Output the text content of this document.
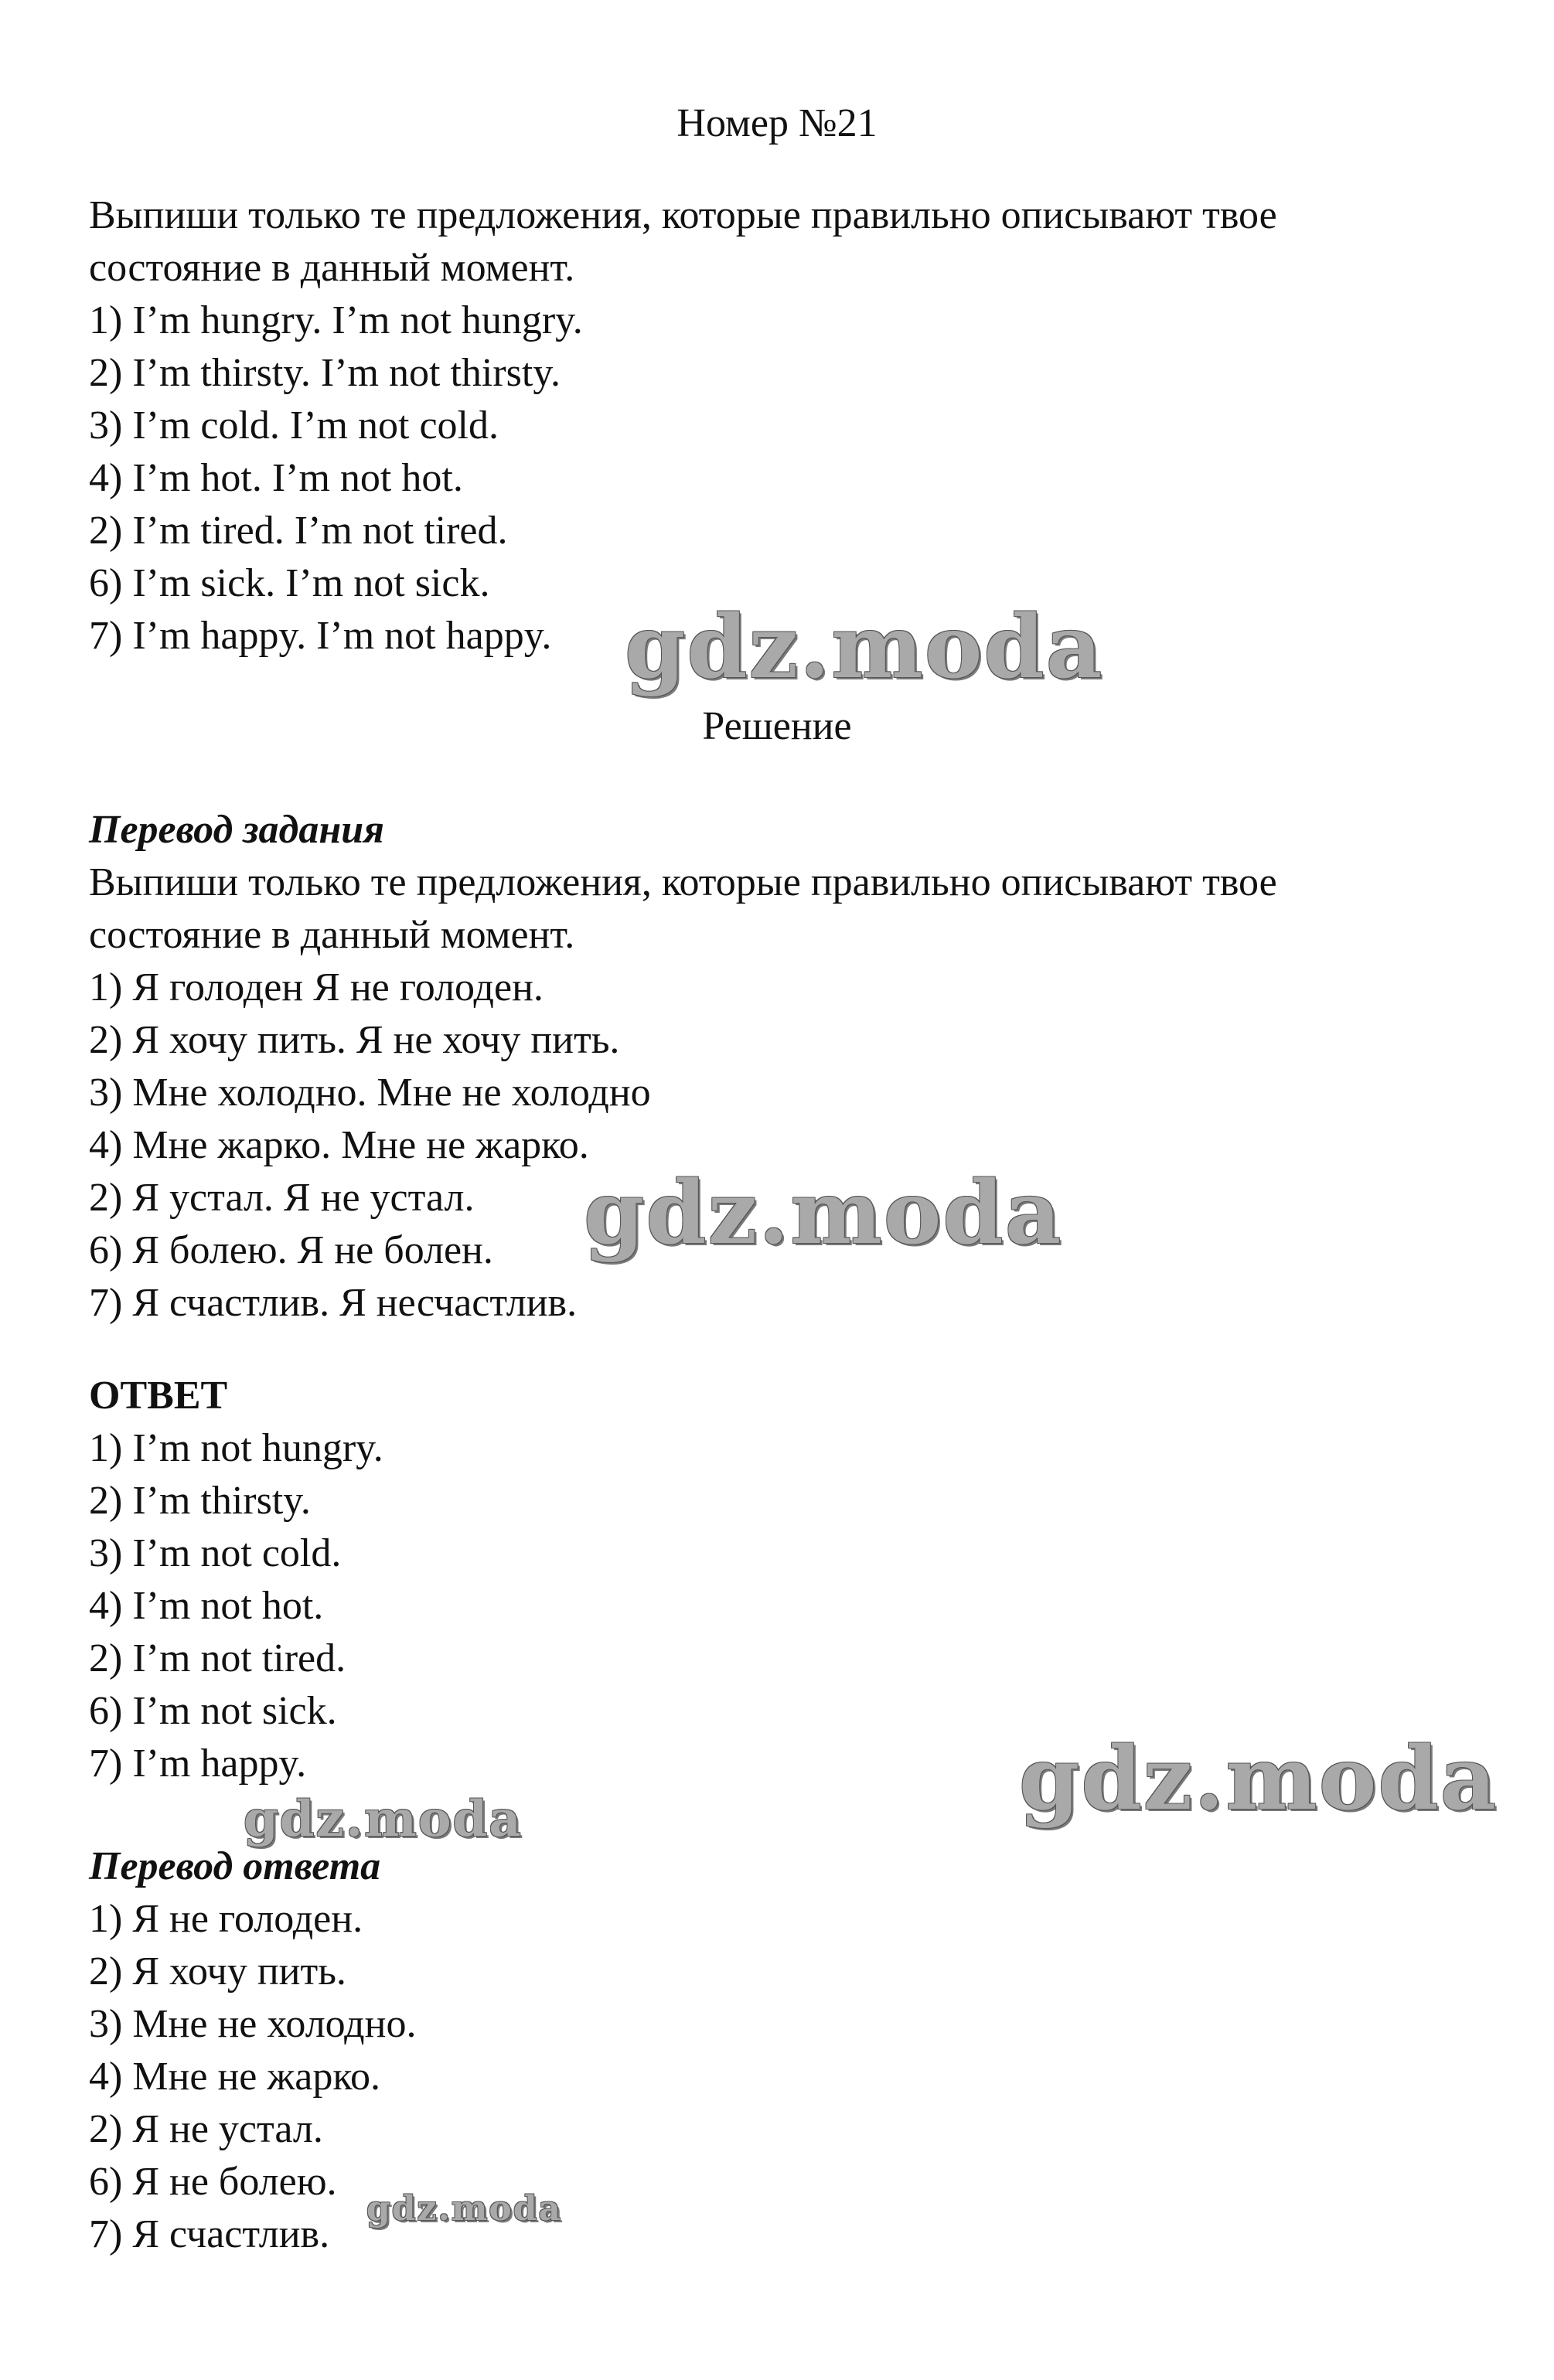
Номер №21
Выпиши только те предложения, которые правильно описывают твое
состояние в данный момент.
1) I’m hungry. I’m not hungry.
2) I’m thirsty. I’m not thirsty.
3) I’m cold. I’m not cold.
4) I’m hot. I’m not hot.
2) I’m tired. I’m not tired.
6) I’m sick. I’m not sick.
7) I’m happy. I’m not happy.
Решение
Перевод задания
Выпиши только те предложения, которые правильно описывают твое
состояние в данный момент.
1) Я голоден Я не голоден.
2) Я хочу пить. Я не хочу пить.
3) Мне холодно. Мне не холодно
4) Мне жарко. Мне не жарко.
2) Я устал. Я не устал.
6) Я болею. Я не болен.
7) Я счастлив. Я несчастлив.
ОТВЕТ
1) I’m not hungry.
2) I’m thirsty.
3) I’m not cold.
4) I’m not hot.
2) I’m not tired.
6) I’m not sick.
7) I’m happy.
Перевод ответа
1) Я не голоден.
2) Я хочу пить.
3) Мне не холодно.
4) Мне не жарко.
2) Я не устал.
6) Я не болею.
7) Я счастлив.
gdz.moda
gdz.moda
gdz.moda
gdz.moda
gdz.moda
